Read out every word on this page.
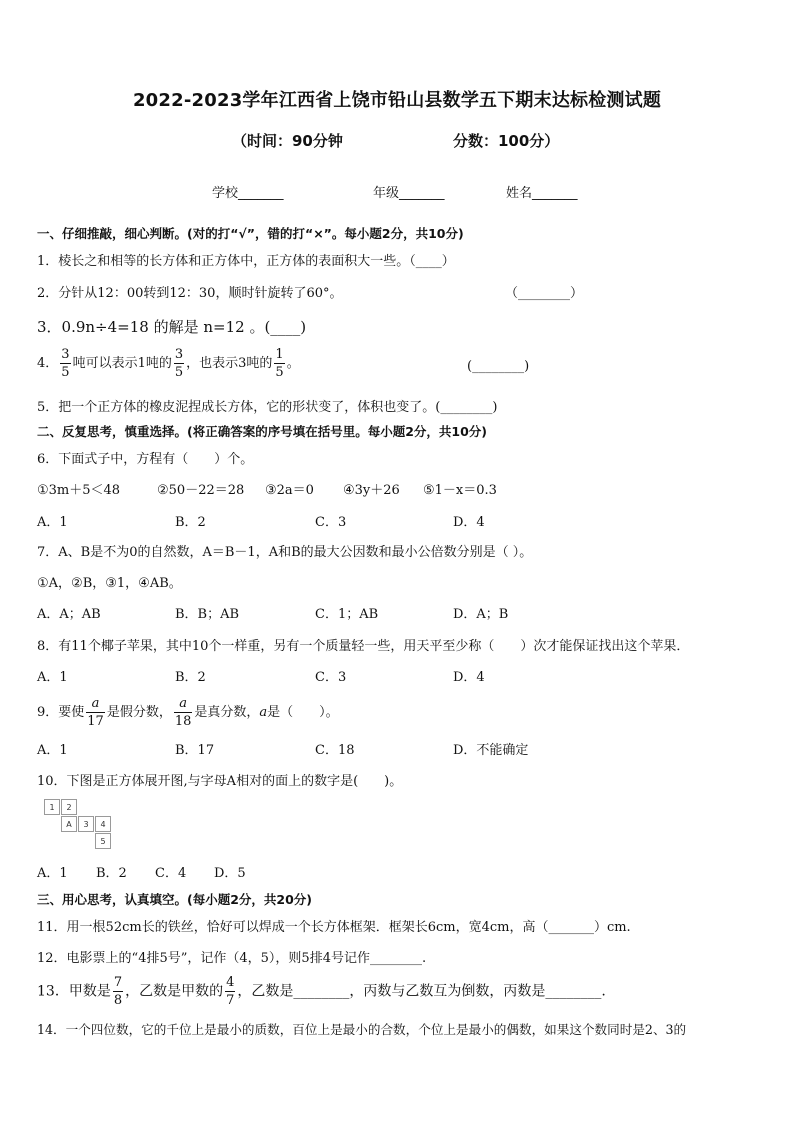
2022-2023学年江西省上饶市铅山县数学五下期末达标检测试题
（时间：90分钟	分数：100分）
学校_______	年级_______	姓名_______
一、仔细推敲，细心判断。(对的打“√”，错的打“×”。每小题2分，共10分)
1．棱长之和相等的长方体和正方体中，正方体的表面积大一些。（____）
2．分针从12：00转到12：30，顺时针旋转了60°。	（________）
3．0.9n÷4=18 的解是 n=12 。(____)
4． $\frac{3}{5}$ 吨可以表示1吨的 $\frac{3}{5}$ ，也表示3吨的 $\frac{1}{5}$ 。	(________)
5．把一个正方体的橡皮泥捏成长方体，它的形状变了，体积也变了。(________)
二、反复思考，慎重选择。(将正确答案的序号填在括号里。每小题2分，共10分)
6．下面式子中，方程有（　　）个。
①3m＋5＜48	②50－22＝28 ③2a＝0 ④3y＋26 ⑤1－x＝0.3
A．1	B．2	C．3	D．4
7．A、B是不为0的自然数，A＝B－1，A和B的最大公因数和最小公倍数分别是（ ）。
①A，②B，③1，④AB。
A．A；AB	B．B；AB	C．1；AB	D．A；B
8．有11个椰子苹果，其中10个一样重，另有一个质量轻一些，用天平至少称（　　）次才能保证找出这个苹果．
A．1	B．2	C．3	D．4
9．要使 $\frac{a}{17}$ 是假分数， $\frac{a}{18}$ 是真分数，a是（　　）。
A．1	B．17	C．18	D．不能确定
10．下图是正方体展开图,与字母A相对的面上的数字是(　　)。
1	2
A	3	4
5
A．1 B．2 C．4 D．5
三、用心思考，认真填空。(每小题2分，共20分)
11．用一根52cm长的铁丝，恰好可以焊成一个长方体框架．框架长6cm，宽4cm，高（_______）cm.
12．电影票上的“4排5号”，记作（4，5），则5排4号记作________.
13．甲数是 $\frac{7}{8}$ ，乙数是甲数的 $\frac{4}{7}$ ，乙数是________，丙数与乙数互为倒数，丙数是________.
14．一个四位数，它的千位上是最小的质数，百位上是最小的合数，个位上是最小的偶数，如果这个数同时是2、3的
